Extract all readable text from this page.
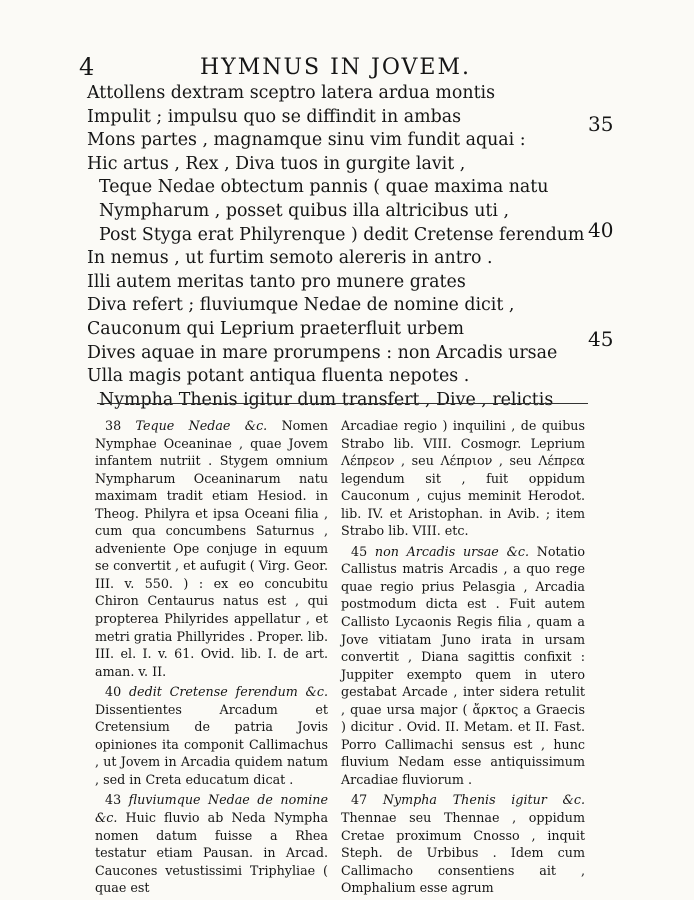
4	HYMNUS IN JOVEM.
Attollens dextram sceptro latera ardua montis
Impulit ; impulsu quo se diffindit in ambas
Mons partes , magnamque sinu vim fundit aquai :
Hic artus , Rex , Diva tuos in gurgite lavit ,
Teque Nedae obtectum pannis ( quae maxima natu
Nympharum , posset quibus illa altricibus uti ,
Post Styga erat Philyrenque ) dedit Cretense ferendum
In nemus , ut furtim semoto alereris in antro .
Illi autem meritas tanto pro munere grates
Diva refert ; fluviumque Nedae de nomine dicit ,
Cauconum qui Leprium praeterfluit urbem
Dives aquae in mare prorumpens : non Arcadis ursae
Ulla magis potant antiqua fluenta nepotes .
Nympha Thenis igitur dum transfert , Dive , relictis
35
40
45

38 Teque Nedae &c. Nomen Nymphae Oceaninae , quae Jovem infantem nutriit . Stygem omnium Nympharum Oceaninarum natu maximam tradit etiam Hesiod. in Theog. Philyra et ipsa Oceani filia , cum qua concumbens Saturnus , adveniente Ope conjuge in equum se convertit , et aufugit ( Virg. Geor. III. v. 550. ) : ex eo concubitu Chiron Centaurus natus est , qui propterea Philyrides appellatur , et metri gratia Phillyrides . Proper. lib. III. el. I. v. 61. Ovid. lib. I. de art. aman. v. II.

40 dedit Cretense ferendum &c. Dissentientes Arcadum et Cretensium de patria Jovis opiniones ita componit Callimachus , ut Jovem in Arcadia quidem natum , sed in Creta educatum dicat .

43 fluviumque Nedae de nomine &c. Huic fluvio ab Neda Nympha nomen datum fuisse a Rhea testatur etiam Pausan. in Arcad. Caucones vetustissimi Triphyliae ( quae est

Arcadiae regio ) inquilini , de quibus Strabo lib. VIII. Cosmogr. Leprium Λέπρεον , seu Λέπριον , seu Λέπρεα legendum sit , fuit oppidum Cauconum , cujus meminit Herodot. lib. IV. et Aristophan. in Avib. ; item Strabo lib. VIII. etc.

45 non Arcadis ursae &c. Notatio Callistus matris Arcadis , a quo rege quae regio prius Pelasgia , Arcadia postmodum dicta est . Fuit autem Callisto Lycaonis Regis filia , quam a Jove vitiatam Juno irata in ursam convertit , Diana sagittis confixit : Juppiter exempto quem in utero gestabat Arcade , inter sidera retulit , quae ursa major ( ἄρκτος a Graecis ) dicitur . Ovid. II. Metam. et II. Fast. Porro Callimachi sensus est , hunc fluvium Nedam esse antiquissimum Arcadiae fluviorum .

47 Nympha Thenis igitur &c. Thennae seu Thennae , oppidum Cretae proximum Cnosso , inquit Steph. de Urbibus . Idem cum Callimacho consentiens ait , Omphalium esse agrum
